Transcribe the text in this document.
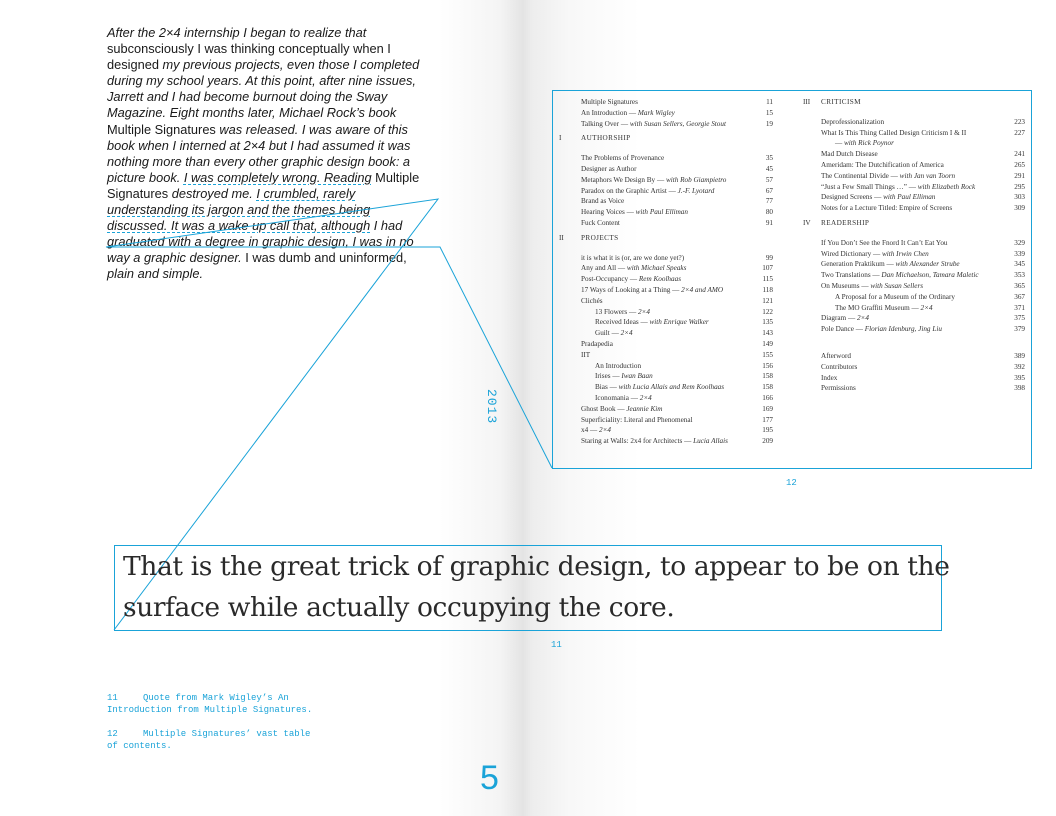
After the 2×4 internship I began to realize that subconsciously I was thinking conceptually when I designed my previous projects, even those I completed during my school years. At this point, after nine issues, Jarrett and I had become burnout doing the Sway Magazine. Eight months later, Michael Rock’s book Multiple Signatures was released. I was aware of this book when I interned at 2×4 but I had assumed it was nothing more than every other graphic design book: a picture book. I was completely wrong. Reading Multiple Signatures destroyed me. I crumbled, rarely understanding its jargon and the themes being discussed. It was a wake up call that, although I had graduated with a degree in graphic design, I was in no way a graphic designer. I was dumb and uninformed, plain and simple.

2013
Multiple Signatures	11
An Introduction — Mark Wigley	15
Talking Over — with Susan Sellers, Georgie Stout	19
I	AUTHORSHIP
The Problems of Provenance	35
Designer as Author	45
Metaphors We Design By — with Rob Giampietro	57
Paradox on the Graphic Artist — J.-F. Lyotard	67
Brand as Voice	77
Hearing Voices — with Paul Elliman	80
Fuck Content	91
II PROJECTS
it is what it is (or, are we done yet?)	99
Any and All — with Michael Speaks	107
Post-Occupancy — Rem Koolhaas	115
17 Ways of Looking at a Thing — 2×4 and AMO	118
Clichés	121
13 Flowers — 2×4	122
Received Ideas — with Enrique Walker	135
Guilt — 2×4	143
Pradapedia	149
IIT	155
An Introduction	156
Irises — Iwan Baan	158
Bias — with Lucia Allais and Rem Koolhaas	158
Iconomania — 2×4	166
Ghost Book — Jeannie Kim	169
Superficiality: Literal and Phenomenal	177
x4 — 2×4	195
Staring at Walls: 2x4 for Architects — Lucia Allais	209
III CRITICISM
Deprofessionalization	223
What Is This Thing Called Design Criticism I & II	227
— with Rick Poynor
Mad Dutch Disease	241
Ameridam: The Dutchification of America	265
The Continental Divide — with Jan van Toorn	291
“Just a Few Small Things …” — with Elizabeth Rock	295
Designed Screens — with Paul Elliman	303
Notes for a Lecture Titled: Empire of Screens	309
IV READERSHIP
If You Don’t See the Fnord It Can’t Eat You	329
Wired Dictionary — with Irwin Chen	339
Generation Praktikum — with Alexander Strube	345
Two Translations — Dan Michaelson, Tamara Maletic	353
On Museums — with Susan Sellers	365
A Proposal for a Museum of the Ordinary	367
The MO Graffiti Museum — 2×4	371
Diagram — 2×4	375
Pole Dance — Florian Idenburg, Jing Liu	379
Afterword	389
Contributors	392
Index	395
Permissions	398
12
That is the great trick of graphic design, to appear to be on the
surface while actually occupying the core.
11
11	Quote from Mark Wigley’s An
Introduction from Multiple Signatures.
12	Multiple Signatures’ vast table
of contents.
5
